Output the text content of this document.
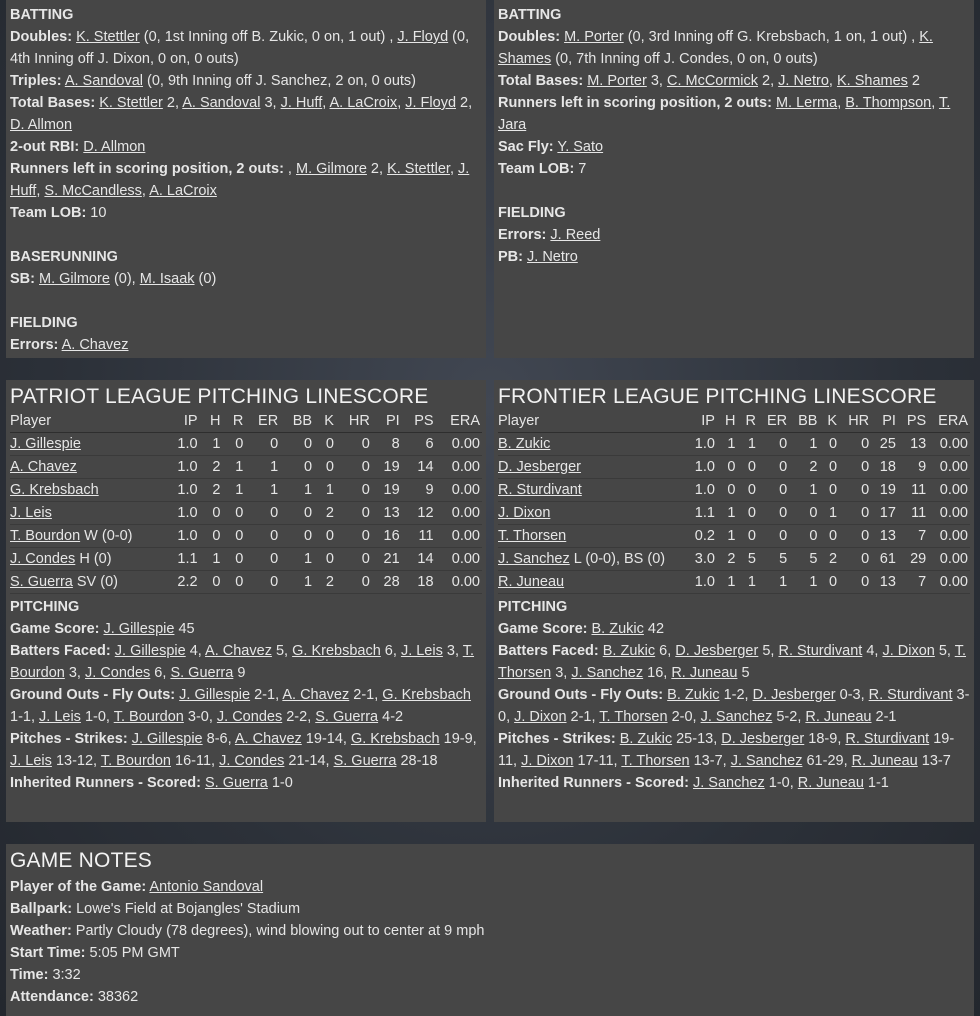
BATTING
Doubles: K. Stettler (0, 1st Inning off B. Zukic, 0 on, 1 out) , J. Floyd (0, 4th Inning off J. Dixon, 0 on, 0 outs)
Triples: A. Sandoval (0, 9th Inning off J. Sanchez, 2 on, 0 outs)
Total Bases: K. Stettler 2, A. Sandoval 3, J. Huff, A. LaCroix, J. Floyd 2, D. Allmon
2-out RBI: D. Allmon
Runners left in scoring position, 2 outs: , M. Gilmore 2, K. Stettler, J. Huff, S. McCandless, A. LaCroix
Team LOB: 10
BASERUNNING
SB: M. Gilmore (0), M. Isaak (0)
FIELDING
Errors: A. Chavez
BATTING
Doubles: M. Porter (0, 3rd Inning off G. Krebsbach, 1 on, 1 out) , K. Shames (0, 7th Inning off J. Condes, 0 on, 0 outs)
Total Bases: M. Porter 3, C. McCormick 2, J. Netro, K. Shames 2
Runners left in scoring position, 2 outs: M. Lerma, B. Thompson, T. Jara
Sac Fly: Y. Sato
Team LOB: 7
FIELDING
Errors: J. Reed
PB: J. Netro
PATRIOT LEAGUE PITCHING LINESCORE
Player	IP	H	R	ER	BB	K	HR	PI	PS	ERA
J. Gillespie	1.0	1	0	0	0	0	0	8	6	0.00
A. Chavez	1.0	2	1	1	0	0	0	19	14	0.00
G. Krebsbach	1.0	2	1	1	1	1	0	19	9	0.00
J. Leis	1.0	0	0	0	0	2	0	13	12	0.00
T. Bourdon W (0-0)	1.0	0	0	0	0	0	0	16	11	0.00
J. Condes H (0)	1.1	1	0	0	1	0	0	21	14	0.00
S. Guerra SV (0)	2.2	0	0	0	1	2	0	28	18	0.00
PITCHING
Game Score: J. Gillespie 45
Batters Faced: J. Gillespie 4, A. Chavez 5, G. Krebsbach 6, J. Leis 3, T. Bourdon 3, J. Condes 6, S. Guerra 9
Ground Outs - Fly Outs: J. Gillespie 2-1, A. Chavez 2-1, G. Krebsbach 1-1, J. Leis 1-0, T. Bourdon 3-0, J. Condes 2-2, S. Guerra 4-2
Pitches - Strikes: J. Gillespie 8-6, A. Chavez 19-14, G. Krebsbach 19-9, J. Leis 13-12, T. Bourdon 16-11, J. Condes 21-14, S. Guerra 28-18
Inherited Runners - Scored: S. Guerra 1-0
FRONTIER LEAGUE PITCHING LINESCORE
Player	IP	H	R	ER	BB	K	HR	PI	PS	ERA
B. Zukic	1.0	1	1	0	1	0	0	25	13	0.00
D. Jesberger	1.0	0	0	0	2	0	0	18	9	0.00
R. Sturdivant	1.0	0	0	0	1	0	0	19	11	0.00
J. Dixon	1.1	1	0	0	0	1	0	17	11	0.00
T. Thorsen	0.2	1	0	0	0	0	0	13	7	0.00
J. Sanchez L (0-0), BS (0)	3.0	2	5	5	5	2	0	61	29	0.00
R. Juneau	1.0	1	1	1	1	0	0	13	7	0.00
PITCHING
Game Score: B. Zukic 42
Batters Faced: B. Zukic 6, D. Jesberger 5, R. Sturdivant 4, J. Dixon 5, T. Thorsen 3, J. Sanchez 16, R. Juneau 5
Ground Outs - Fly Outs: B. Zukic 1-2, D. Jesberger 0-3, R. Sturdivant 3-0, J. Dixon 2-1, T. Thorsen 2-0, J. Sanchez 5-2, R. Juneau 2-1
Pitches - Strikes: B. Zukic 25-13, D. Jesberger 18-9, R. Sturdivant 19-11, J. Dixon 17-11, T. Thorsen 13-7, J. Sanchez 61-29, R. Juneau 13-7
Inherited Runners - Scored: J. Sanchez 1-0, R. Juneau 1-1
GAME NOTES
Player of the Game: Antonio Sandoval
Ballpark: Lowe's Field at Bojangles' Stadium
Weather: Partly Cloudy (78 degrees), wind blowing out to center at 9 mph
Start Time: 5:05 PM GMT
Time: 3:32
Attendance: 38362
